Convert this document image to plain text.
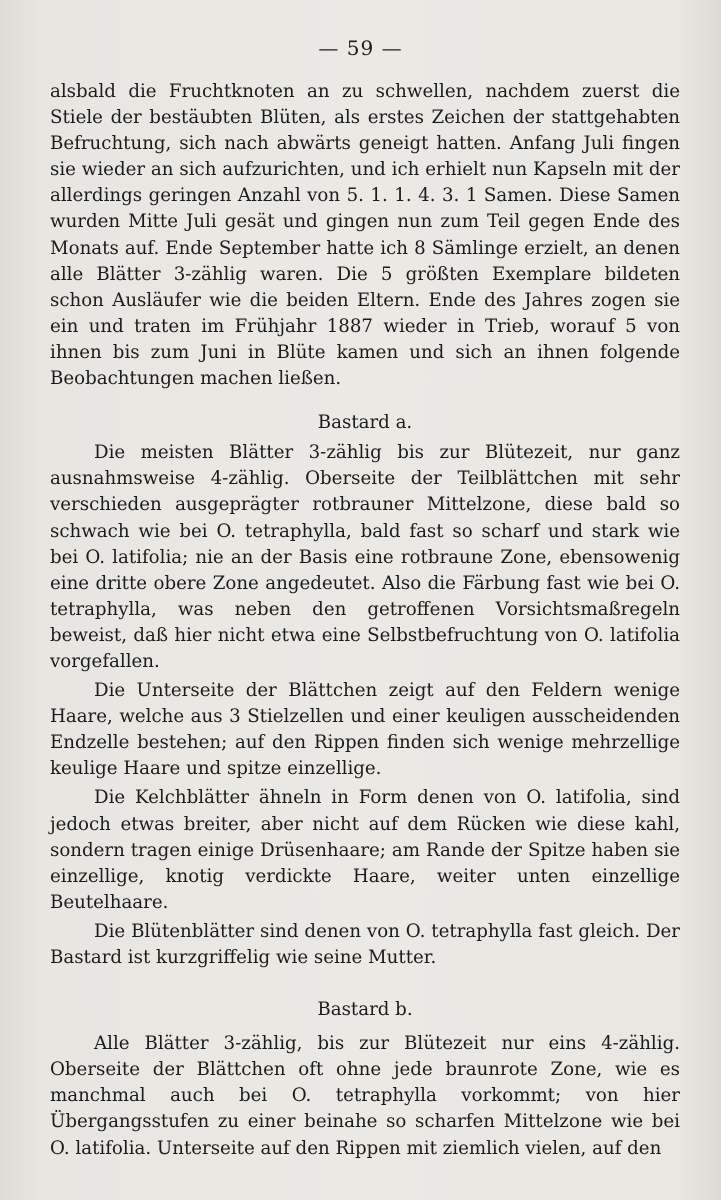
— 59 —

alsbald die Fruchtknoten an zu schwellen, nachdem zuerst die Stiele der bestäubten Blüten, als erstes Zeichen der stattgehabten Befruchtung, sich nach abwärts geneigt hatten. Anfang Juli fingen sie wieder an sich aufzurichten, und ich erhielt nun Kapseln mit der allerdings geringen Anzahl von 5. 1. 1. 4. 3. 1 Samen. Diese Samen wurden Mitte Juli gesät und gingen nun zum Teil gegen Ende des Monats auf. Ende September hatte ich 8 Sämlinge erzielt, an denen alle Blätter 3-zählig waren. Die 5 größten Exemplare bildeten schon Ausläufer wie die beiden Eltern. Ende des Jahres zogen sie ein und traten im Frühjahr 1887 wieder in Trieb, worauf 5 von ihnen bis zum Juni in Blüte kamen und sich an ihnen folgende Beobachtungen machen ließen.

Bastard a.

Die meisten Blätter 3-zählig bis zur Blütezeit, nur ganz ausnahmsweise 4-zählig. Oberseite der Teilblättchen mit sehr verschieden ausgeprägter rotbrauner Mittelzone, diese bald so schwach wie bei O. tetraphylla, bald fast so scharf und stark wie bei O. latifolia; nie an der Basis eine rotbraune Zone, ebensowenig eine dritte obere Zone angedeutet. Also die Färbung fast wie bei O. tetraphylla, was neben den getroffenen Vorsichtsmaßregeln beweist, daß hier nicht etwa eine Selbstbefruchtung von O. latifolia vorgefallen.

Die Unterseite der Blättchen zeigt auf den Feldern wenige Haare, welche aus 3 Stielzellen und einer keuligen ausscheidenden Endzelle bestehen; auf den Rippen finden sich wenige mehrzellige keulige Haare und spitze einzellige.

Die Kelchblätter ähneln in Form denen von O. latifolia, sind jedoch etwas breiter, aber nicht auf dem Rücken wie diese kahl, sondern tragen einige Drüsenhaare; am Rande der Spitze haben sie einzellige, knotig verdickte Haare, weiter unten einzellige Beutelhaare.

Die Blütenblätter sind denen von O. tetraphylla fast gleich. Der Bastard ist kurzgriffelig wie seine Mutter.

Bastard b.

Alle Blätter 3-zählig, bis zur Blütezeit nur eins 4-zählig. Oberseite der Blättchen oft ohne jede braunrote Zone, wie es manchmal auch bei O. tetraphylla vorkommt; von hier Übergangsstufen zu einer beinahe so scharfen Mittelzone wie bei O. latifolia. Unterseite auf den Rippen mit ziemlich vielen, auf den
